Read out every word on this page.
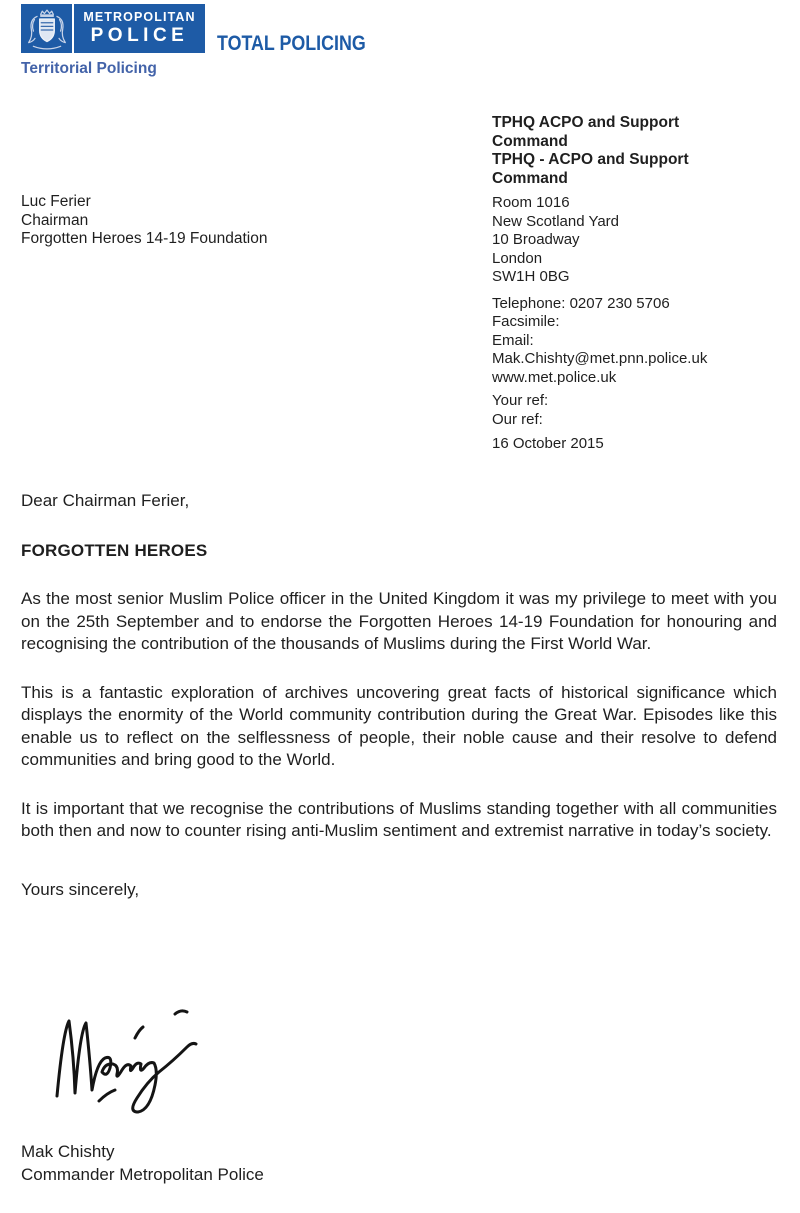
METROPOLITAN
POLICE TOTAL POLICING
Territorial Policing
TPHQ ACPO and Support
Command
TPHQ - ACPO and Support
Command
Room 1016
New Scotland Yard
10 Broadway
London
SW1H 0BG
Telephone: 0207 230 5706
Facsimile:
Email:
Mak.Chishty@met.pnn.police.uk
www.met.police.uk
Your ref:
Our ref:
16 October 2015
Luc Ferier
Chairman
Forgotten Heroes 14-19 Foundation
Dear Chairman Ferier,
FORGOTTEN HEROES

As the most senior Muslim Police officer in the United Kingdom it was my privilege to meet with you on the 25th September and to endorse the Forgotten Heroes 14-19 Foundation for honouring and recognising the contribution of the thousands of Muslims during the First World War.

This is a fantastic exploration of archives uncovering great facts of historical significance which displays the enormity of the World community contribution during the Great War. Episodes like this enable us to reflect on the selflessness of people, their noble cause and their resolve to defend communities and bring good to the World.

It is important that we recognise the contributions of Muslims standing together with all communities both then and now to counter rising anti-Muslim sentiment and extremist narrative in today’s society.

Yours sincerely,
Mak Chishty
Commander Metropolitan Police
